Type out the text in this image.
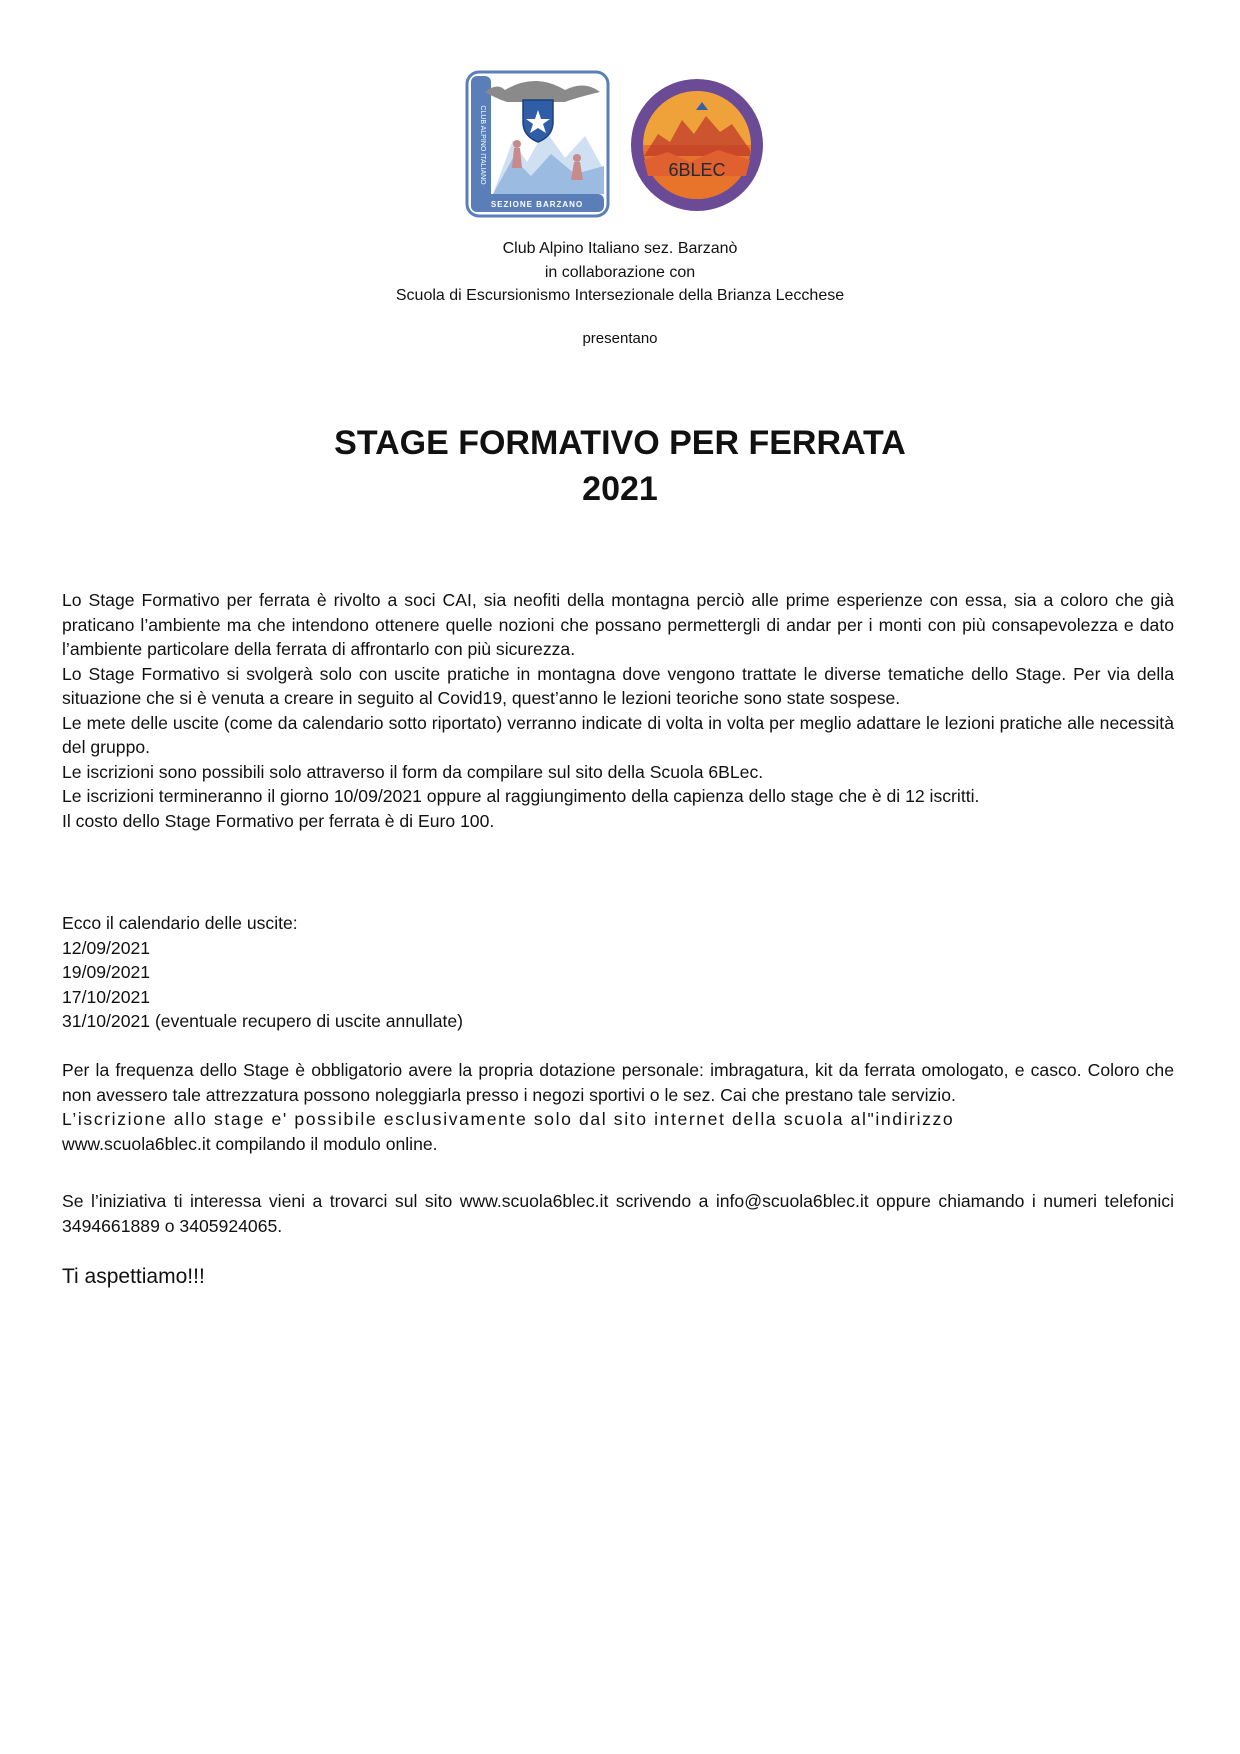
CLUB ALPINO ITALIANO
SEZIONE BARZANO
6BLEC
Club Alpino Italiano sez. Barzanò
in collaborazione con
Scuola di Escursionismo Intersezionale della Brianza Lecchese
presentano
STAGE FORMATIVO PER FERRATA
2021

Lo Stage Formativo per ferrata è rivolto a soci CAI, sia neofiti della montagna perciò alle prime esperienze con essa, sia a coloro che già praticano l’ambiente ma che intendono ottenere quelle nozioni che possano permettergli di andar per i monti con più consapevolezza e dato l’ambiente particolare della ferrata di affrontarlo con più sicurezza.

Lo Stage Formativo si svolgerà solo con uscite pratiche in montagna dove vengono trattate le diverse tematiche dello Stage. Per via della situazione che si è venuta a creare in seguito al Covid19, quest’anno le lezioni teoriche sono state sospese.

Le mete delle uscite (come da calendario sotto riportato) verranno indicate di volta in volta per meglio adattare le lezioni pratiche alle necessità del gruppo.

Le iscrizioni sono possibili solo attraverso il form da compilare sul sito della Scuola 6BLec.

Le iscrizioni termineranno il giorno 10/09/2021 oppure al raggiungimento della capienza dello stage che è di 12 iscritti.

Il costo dello Stage Formativo per ferrata è di Euro 100.

Ecco il calendario delle uscite:
12/09/2021
19/09/2021
17/10/2021
31/10/2021 (eventuale recupero di uscite annullate)

Per la frequenza dello Stage è obbligatorio avere la propria dotazione personale: imbragatura, kit da ferrata omologato, e casco. Coloro che non avessero tale attrezzatura possono noleggiarla presso i negozi sportivi o le sez. Cai che prestano tale servizio.

L’iscrizione allo stage e' possibile esclusivamente solo dal sito internet della scuola al"indirizzo

www.scuola6blec.it compilando il modulo online.

Se l’iniziativa ti interessa vieni a trovarci sul sito www.scuola6blec.it scrivendo a info@scuola6blec.it oppure chiamando i numeri telefonici 3494661889 o 3405924065.

Ti aspettiamo!!!
